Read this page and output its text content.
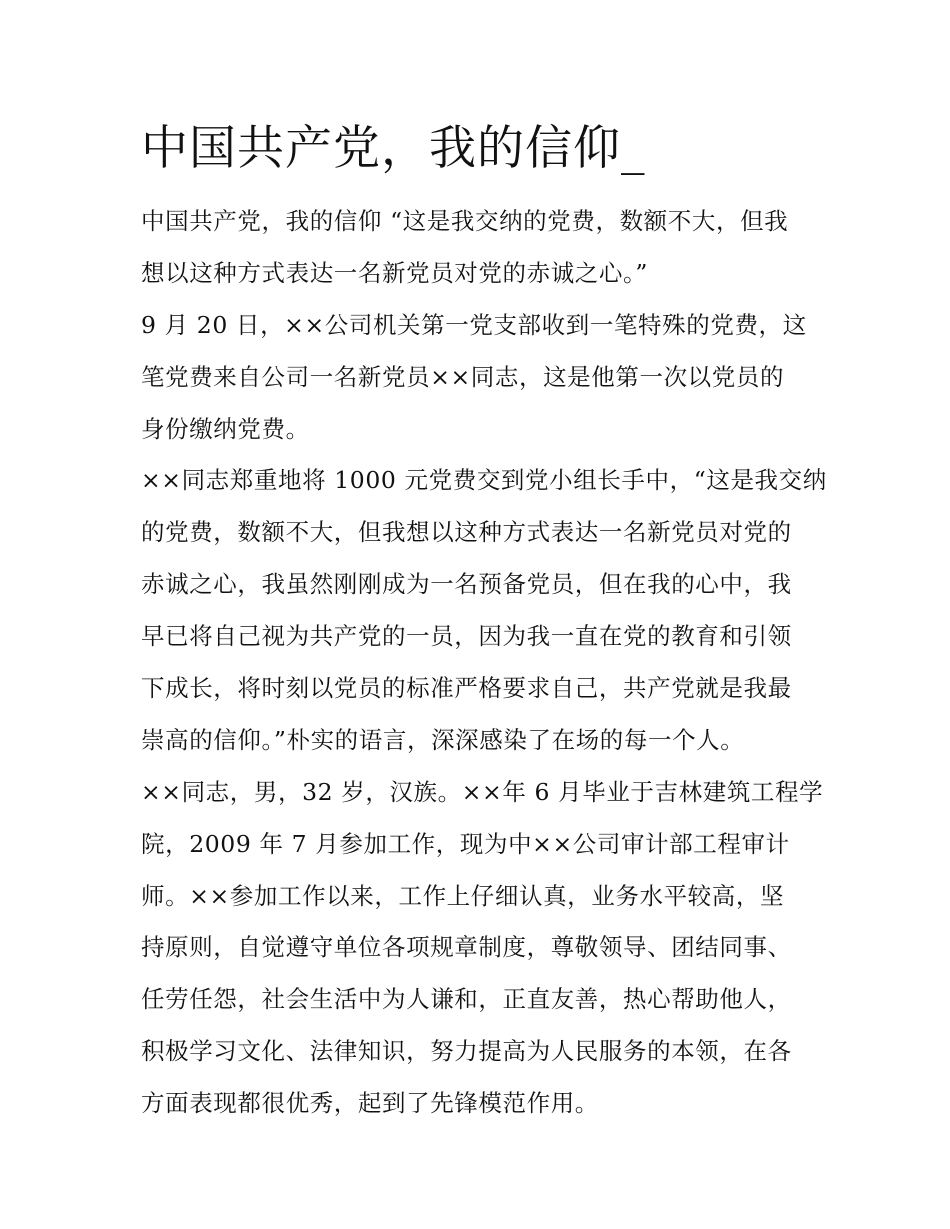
中国共产党，我的信仰_
中国共产党，我的信仰 “这是我交纳的党费，数额不大，但我
想以这种方式表达一名新党员对党的赤诚之心。”
9 月 20 日，××公司机关第一党支部收到一笔特殊的党费，这
笔党费来自公司一名新党员××同志，这是他第一次以党员的
身份缴纳党费。
××同志郑重地将 1000 元党费交到党小组长手中，“这是我交纳
的党费，数额不大，但我想以这种方式表达一名新党员对党的
赤诚之心，我虽然刚刚成为一名预备党员，但在我的心中，我
早已将自己视为共产党的一员，因为我一直在党的教育和引领
下成长，将时刻以党员的标准严格要求自己，共产党就是我最
崇高的信仰。”朴实的语言，深深感染了在场的每一个人。
××同志，男，32 岁，汉族。××年 6 月毕业于吉林建筑工程学
院，2009 年 7 月参加工作，现为中××公司审计部工程审计
师。××参加工作以来，工作上仔细认真，业务水平较高，坚
持原则，自觉遵守单位各项规章制度，尊敬领导、团结同事、
任劳任怨，社会生活中为人谦和，正直友善，热心帮助他人，
积极学习文化、法律知识，努力提高为人民服务的本领，在各
方面表现都很优秀，起到了先锋模范作用。
